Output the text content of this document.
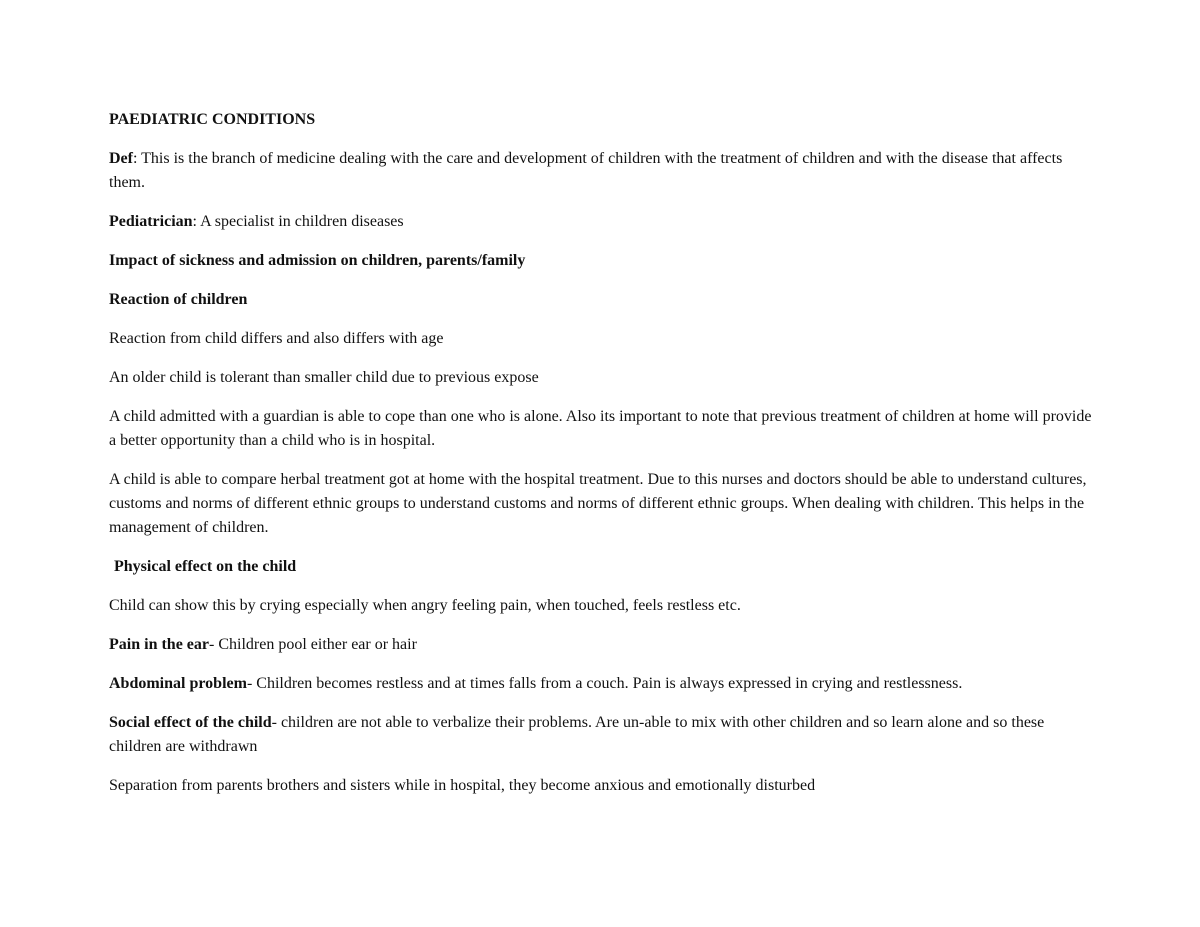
PAEDIATRIC CONDITIONS

Def: This is the branch of medicine dealing with the care and development of children with the treatment of children and with the disease that affects them.

Pediatrician: A specialist in children diseases

Impact of sickness and admission on children, parents/family

Reaction of children

Reaction from child differs and also differs with age

An older child is tolerant than smaller child due to previous expose

A child admitted with a guardian is able to cope than one who is alone. Also its important to note that previous treatment of children at home will provide a better opportunity than a child who is in hospital.

A child is able to compare herbal treatment got at home with the hospital treatment. Due to this nurses and doctors should be able to understand cultures, customs and norms of different ethnic groups to understand customs and norms of different ethnic groups. When dealing with children. This helps in the management of children.

Physical effect on the child

Child can show this by crying especially when angry feeling pain, when touched, feels restless etc.

Pain in the ear- Children pool either ear or hair

Abdominal problem- Children becomes restless and at times falls from a couch. Pain is always expressed in crying and restlessness.

Social effect of the child- children are not able to verbalize their problems. Are un-able to mix with other children and so learn alone and so these children are withdrawn

Separation from parents brothers and sisters while in hospital, they become anxious and emotionally disturbed
